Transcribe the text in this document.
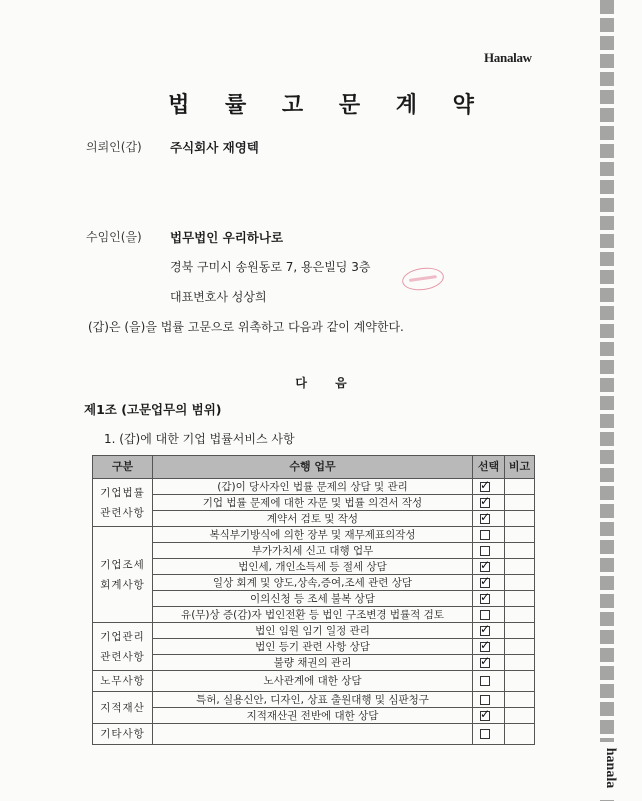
hanala
Hanalaw
법 률 고 문 계 약
의뢰인(갑) 주식회사 재영텍
수임인(을) 법무법인 우리하나로
경북 구미시 송원동로 7, 용은빌딩 3층
대표변호사 성상희
(갑)은 (을)을 법률 고문으로 위촉하고 다음과 같이 계약한다.
다 음
제1조 (고문업무의 범위)
1. (갑)에 대한 기업 법률서비스 사항
구분	수행 업무	선택	비고
기업법률
관련사항	(갑)이 당사자인 법률 문제의 상담 및 관리	✓	

	기업 법률 문제에 대한 자문 및 법률 의견서 작성	✓	

	계약서 검토 및 작성	✓	

기업조세
회계사항	복식부기방식에 의한 장부 및 재무제표의작성		
	부가가치세 신고 대행 업무		
	법인세, 개인소득세 등 절세 상담	✓	

	일상 회계 및 양도,상속,증여,조세 관련 상담	✓	

	이의신청 등 조세 불복 상담	✓	

	유(무)상 증(감)자 법인전환 등 법인 구조변경 법률적 검토		
기업관리
관련사항	법인 임원 임기 일정 관리	✓	

	법인 등기 관련 사항 상담	✓	

	불량 채권의 관리	✓	

노무사항	노사관계에 대한 상담		
지적재산	특허, 실용신안, 디자인, 상표 출원대행 및 심판청구		
	지적재산권 전반에 대한 상담	✓	

기타사항			
